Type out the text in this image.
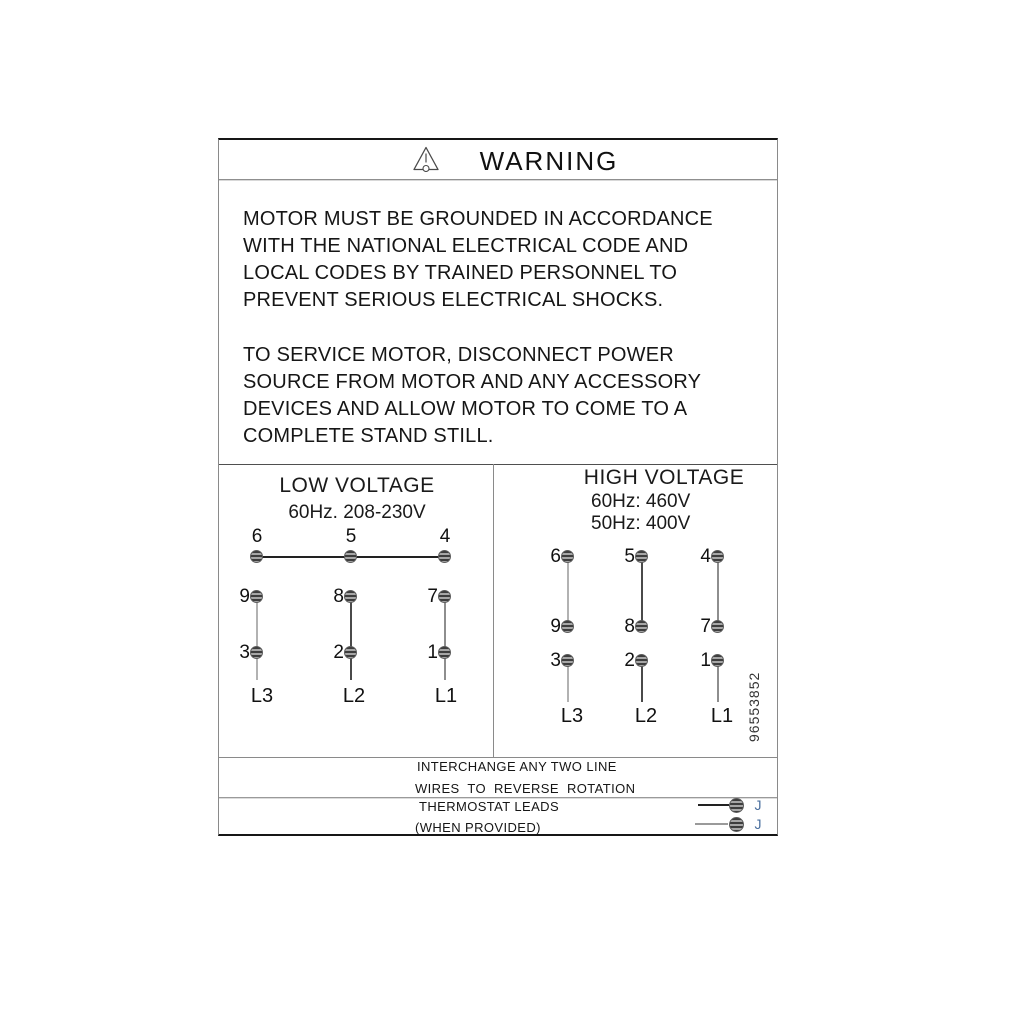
WARNING
MOTOR MUST BE GROUNDED IN ACCORDANCE
WITH THE NATIONAL ELECTRICAL CODE AND
LOCAL CODES BY TRAINED PERSONNEL TO
PREVENT SERIOUS ELECTRICAL SHOCKS.
TO SERVICE MOTOR, DISCONNECT POWER
SOURCE FROM MOTOR AND ANY ACCESSORY
DEVICES AND ALLOW MOTOR TO COME TO A
COMPLETE STAND STILL.
LOW VOLTAGE
60Hz. 208-230V
6	5	4
9	8	7
3	2	1
L3	L2	L1
HIGH VOLTAGE
60Hz: 460V
50Hz: 400V
6	5	4
9	8	7
3	2	1
L3	L2	L1 96553852
INTERCHANGE ANY TWO LINE
WIRES TO REVERSE ROTATION
THERMOSTAT LEADS
(WHEN PROVIDED)
J
J
